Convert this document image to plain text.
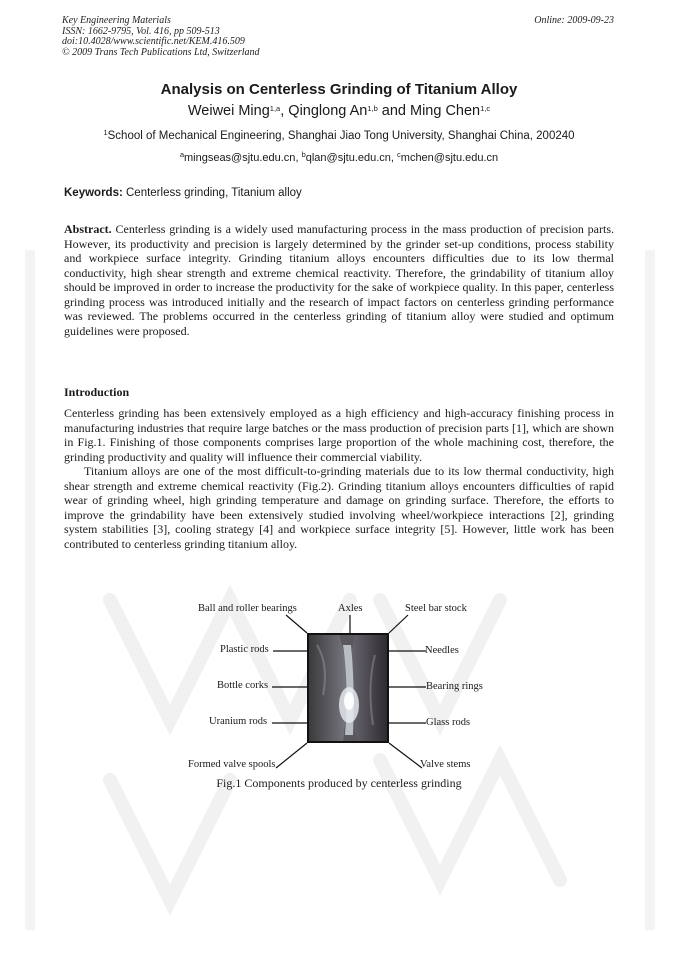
Key Engineering Materials
ISSN: 1662-9795, Vol. 416, pp 509-513
doi:10.4028/www.scientific.net/KEM.416.509
© 2009 Trans Tech Publications Ltd, Switzerland
Online: 2009-09-23
Analysis on Centerless Grinding of Titanium Alloy
Weiwei Ming$^{1,a}$, Qinglong An$^{1,b}$ and Ming Chen$^{1,c}$
$^1$School of Mechanical Engineering, Shanghai Jiao Tong University, Shanghai China, 200240
$^a$mingseas@sjtu.edu.cn, $^b$qlan@sjtu.edu.cn, $^c$mchen@sjtu.edu.cn
Keywords: Centerless grinding, Titanium alloy
Abstract. Centerless grinding is a widely used manufacturing process in the mass production of precision parts. However, its productivity and precision is largely determined by the grinder set-up conditions, process stability and workpiece surface integrity. Grinding titanium alloys encounters difficulties due to its low thermal conductivity, high shear strength and extreme chemical reactivity. Therefore, the grindability of titanium alloy should be improved in order to increase the productivity for the sake of workpiece quality. In this paper, centerless grinding process was introduced initially and the research of impact factors on centerless grinding performance was reviewed. The problems occurred in the centerless grinding of titanium alloy were studied and optimum guidelines were proposed.
Introduction

Centerless grinding has been extensively employed as a high efficiency and high-accuracy finishing process in manufacturing industries that require large batches or the mass production of precision parts [1], which are shown in Fig.1. Finishing of those components comprises large proportion of the whole machining cost, therefore, the grinding productivity and quality will influence their commercial viability.

Titanium alloys are one of the most difficult-to-grinding materials due to its low thermal conductivity, high shear strength and extreme chemical reactivity (Fig.2). Grinding titanium alloys encounters difficulties of rapid wear of grinding wheel, high grinding temperature and damage on grinding surface. Therefore, the efforts to improve the grindability have been extensively studied involving wheel/workpiece interactions [2], grinding system stabilities [3], cooling strategy [4] and workpiece surface integrity [5]. However, little work has been contributed to centerless grinding titanium alloy.

Ball and roller bearings	Axles	Steel bar stock
Plastic rods
Bottle corks
Uranium rods
Formed valve spools
Needles
Bearing rings
Glass rods
Valve stems
Fig.1 Components produced by centerless grinding
